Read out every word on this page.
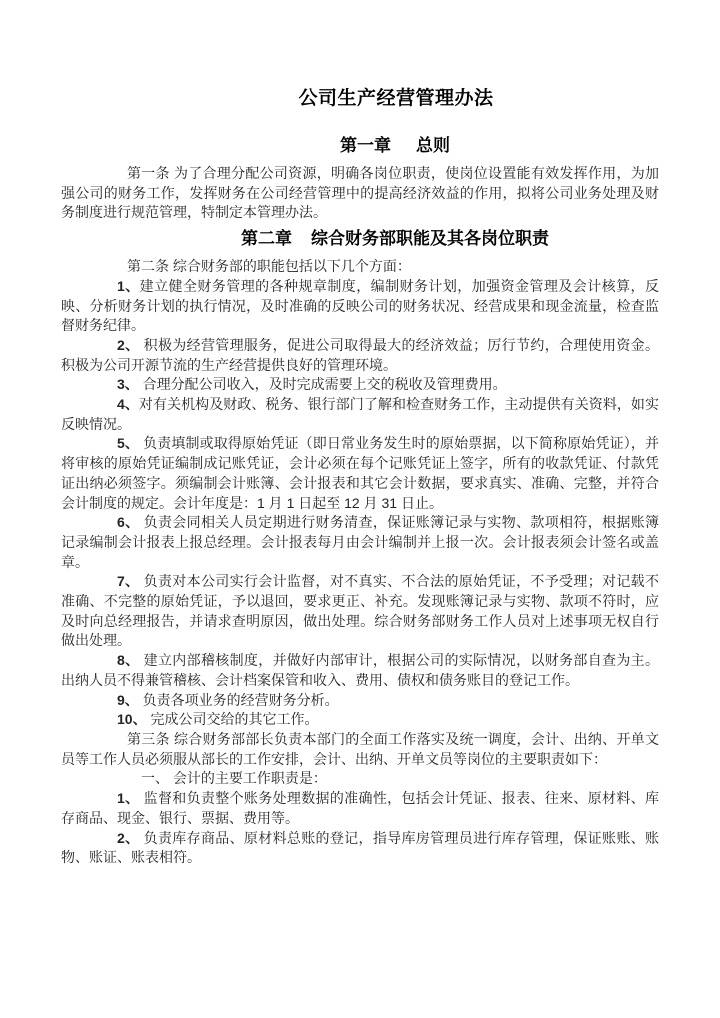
公司生产经营管理办法
第一章 总则

第一条 为了合理分配公司资源，明确各岗位职责，使岗位设置能有效发挥作用，为加强公司的财务工作，发挥财务在公司经营管理中的提高经济效益的作用，拟将公司业务处理及财务制度进行规范管理，特制定本管理办法。

第二章 综合财务部职能及其各岗位职责

第二条 综合财务部的职能包括以下几个方面：

1、建立健全财务管理的各种规章制度，编制财务计划，加强资金管理及会计核算，反映、分析财务计划的执行情况，及时准确的反映公司的财务状况、经营成果和现金流量，检查监督财务纪律。

2、 积极为经营管理服务，促进公司取得最大的经济效益；厉行节约，合理使用资金。积极为公司开源节流的生产经营提供良好的管理环境。

3、 合理分配公司收入，及时完成需要上交的税收及管理费用。

4、对有关机构及财政、税务、银行部门了解和检查财务工作，主动提供有关资料，如实反映情况。

5、 负责填制或取得原始凭证（即日常业务发生时的原始票据，以下简称原始凭证），并将审核的原始凭证编制成记账凭证，会计必须在每个记账凭证上签字，所有的收款凭证、付款凭证出纳必须签字。须编制会计账簿、会计报表和其它会计数据，要求真实、准确、完整，并符合会计制度的规定。会计年度是：1 月 1 日起至 12 月 31 日止。

6、 负责会同相关人员定期进行财务清查，保证账簿记录与实物、款项相符，根据账簿记录编制会计报表上报总经理。会计报表每月由会计编制并上报一次。会计报表须会计签名或盖章。

7、 负责对本公司实行会计监督，对不真实、不合法的原始凭证，不予受理；对记载不准确、不完整的原始凭证，予以退回，要求更正、补充。发现账簿记录与实物、款项不符时，应及时向总经理报告，并请求查明原因，做出处理。综合财务部财务工作人员对上述事项无权自行做出处理。

8、 建立内部稽核制度，并做好内部审计，根据公司的实际情况，以财务部自查为主。出纳人员不得兼管稽核、会计档案保管和收入、费用、债权和债务账目的登记工作。

9、 负责各项业务的经营财务分析。

10、 完成公司交给的其它工作。

第三条 综合财务部部长负责本部门的全面工作落实及统一调度，会计、出纳、开单文员等工作人员必须服从部长的工作安排，会计、出纳、开单文员等岗位的主要职责如下：

一、 会计的主要工作职责是：

1、 监督和负责整个账务处理数据的准确性，包括会计凭证、报表、往来、原材料、库存商品、现金、银行、票据、费用等。

2、 负责库存商品、原材料总账的登记，指导库房管理员进行库存管理，保证账账、账物、账证、账表相符。
